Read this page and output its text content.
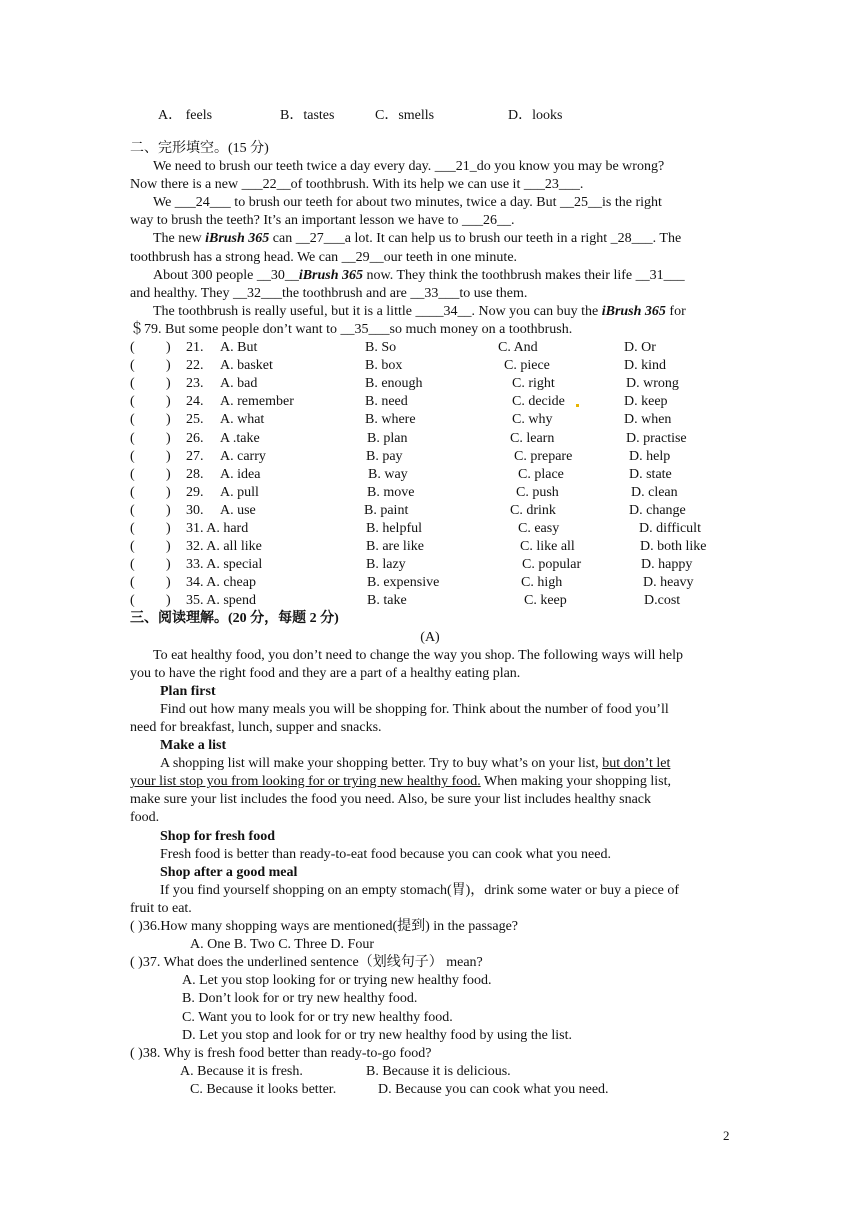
A． feels	B．tastes	C．smells	D．looks
二、完形填空。(15 分)
We need to brush our teeth twice a day every day. ___21_do you know you may be wrong?
Now there is a new ___22__of toothbrush. With its help we can use it ___23___.
We ___24___ to brush our teeth for about two minutes, twice a day. But __25__is the right
way to brush the teeth? It’s an important lesson we have to ___26__.
The new iBrush 365 can __27___a lot. It can help us to brush our teeth in a right _28___. The
toothbrush has a strong head. We can __29__our teeth in one minute.
About 300 people __30__iBrush 365 now. They think the toothbrush makes their life __31___
and healthy. They __32___the toothbrush and are __33___to use them.
The toothbrush is really useful, but it is a little ____34__. Now you can buy the iBrush 365 for
＄79. But some people don’t want to __35___so much money on a toothbrush.
( ) 21. A. But	B. So	C. And	D. Or
( ) 22. A. basket	B. box	C. piece	D. kind
( ) 23. A. bad	B. enough	C. right	D. wrong
( ) 24. A. remember	B. need	C. decide	D. keep
( ) 25. A. what	B. where	C. why	D. when
( ) 26. A .take	B. plan	C. learn	D. practise
( ) 27. A. carry	B. pay	C. prepare	D. help
( ) 28. A. idea	B. way	C. place	D. state
( ) 29. A. pull	B. move	C. push	D. clean
( ) 30. A. use	B. paint	C. drink	D. change
( ) 31. A. hard	B. helpful	C. easy	D. difficult
( ) 32. A. all like	B. are like	C. like all	D. both like
( ) 33. A. special	B. lazy	C. popular	D. happy
( ) 34. A. cheap	B. expensive	C. high	D. heavy
( ) 35. A. spend	B. take	C. keep	D.cost
三、阅读理解。(20 分，每题 2 分)
(A)
To eat healthy food, you don’t need to change the way you shop. The following ways will help
you to have the right food and they are a part of a healthy eating plan.
Plan first
Find out how many meals you will be shopping for. Think about the number of food you’ll
need for breakfast, lunch, supper and snacks.
Make a list
A shopping list will make your shopping better. Try to buy what’s on your list, but don’t let
your list stop you from looking for or trying new healthy food. When making your shopping list,
make sure your list includes the food you need. Also, be sure your list includes healthy snack
food.
Shop for fresh food
Fresh food is better than ready-to-eat food because you can cook what you need.
Shop after a good meal
If you find yourself shopping on an empty stomach(胃)，drink some water or buy a piece of
fruit to eat.
( )36.How many shopping ways are mentioned(提到) in the passage?
A. One B. Two C. Three D. Four
( )37. What does the underlined sentence（划线句子） mean?
A. Let you stop looking for or trying new healthy food.
B. Don’t look for or try new healthy food.
C. Want you to look for or try new healthy food.
D. Let you stop and look for or try new healthy food by using the list.
( )38. Why is fresh food better than ready-to-go food?
A. Because it is fresh.	B. Because it is delicious.
C. Because it looks better.	D. Because you can cook what you need.
2
